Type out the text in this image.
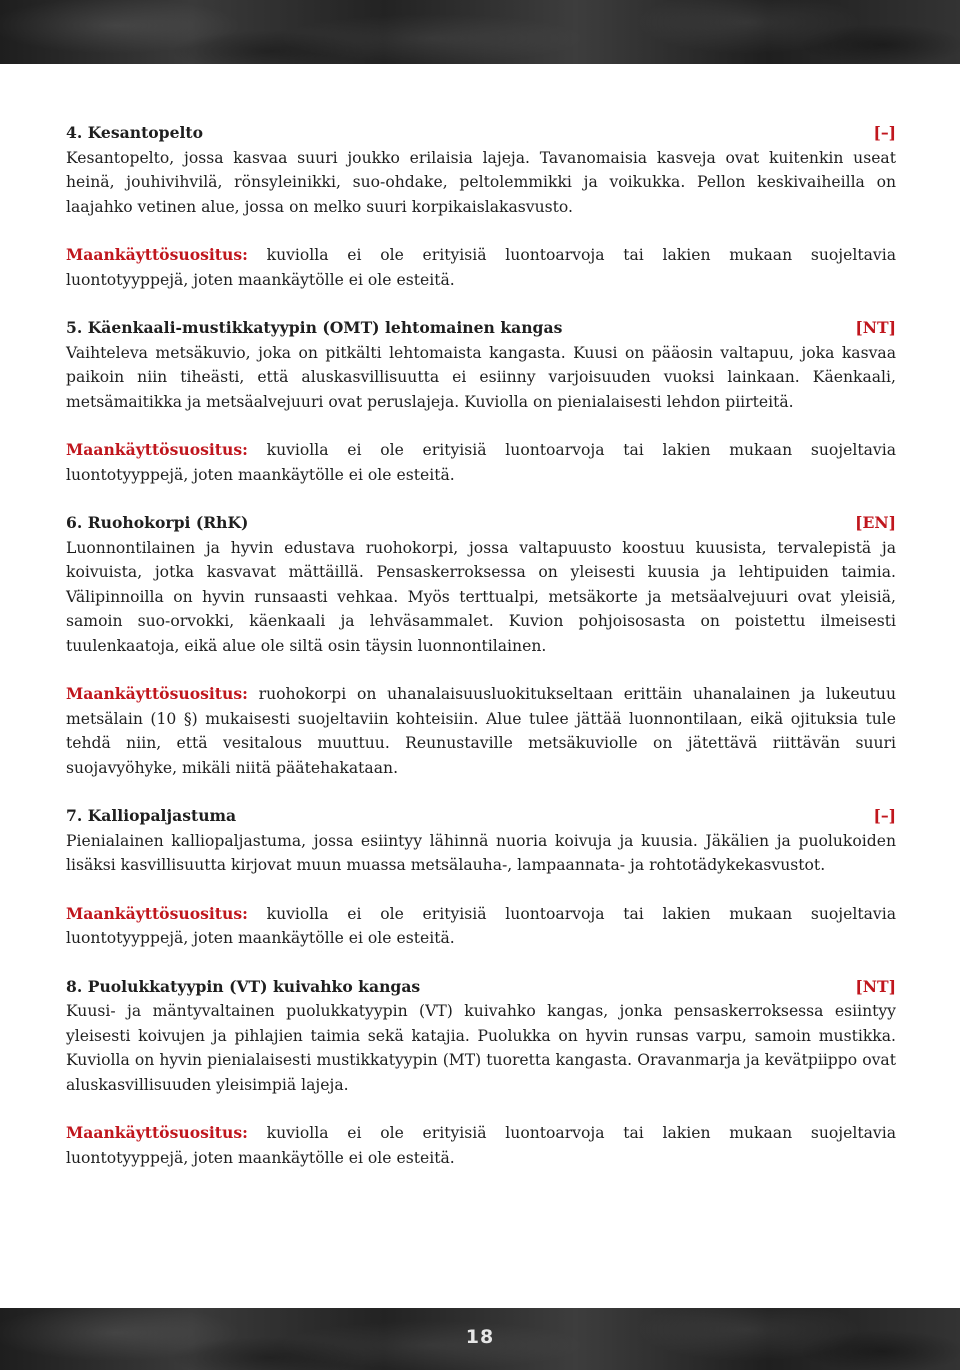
4. Kesantopelto	[–]

Kesantopelto, jossa kasvaa suuri joukko erilaisia lajeja. Tavanomaisia kasveja ovat kuitenkin useat heinä, jouhivihvilä, rönsyleinikki, suo-ohdake, peltolemmikki ja voikukka. Pellon keskivaiheilla on laajahko vetinen alue, jossa on melko suuri korpikaislakasvusto.

Maankäyttösuositus: kuviolla ei ole erityisiä luontoarvoja tai lakien mukaan suojeltavia luontotyyppejä, joten maankäytölle ei ole esteitä.

5. Käenkaali-mustikkatyypin (OMT) lehtomainen kangas	[NT]

Vaihteleva metsäkuvio, joka on pitkälti lehtomaista kangasta. Kuusi on pääosin valtapuu, joka kasvaa paikoin niin tiheästi, että aluskasvillisuutta ei esiinny varjoisuuden vuoksi lainkaan. Käenkaali, metsämaitikka ja metsäalvejuuri ovat peruslajeja. Kuviolla on pienialaisesti lehdon piirteitä.

Maankäyttösuositus: kuviolla ei ole erityisiä luontoarvoja tai lakien mukaan suojeltavia luontotyyppejä, joten maankäytölle ei ole esteitä.

6. Ruohokorpi (RhK)	[EN]

Luonnontilainen ja hyvin edustava ruohokorpi, jossa valtapuusto koostuu kuusista, tervalepistä ja koivuista, jotka kasvavat mättäillä. Pensaskerroksessa on yleisesti kuusia ja lehtipuiden taimia. Välipinnoilla on hyvin runsaasti vehkaa. Myös terttualpi, metsäkorte ja metsäalvejuuri ovat yleisiä, samoin suo-orvokki, käenkaali ja lehväsammalet. Kuvion pohjoisosasta on poistettu ilmeisesti tuulenkaatoja, eikä alue ole siltä osin täysin luonnontilainen.

Maankäyttösuositus: ruohokorpi on uhanalaisuusluokitukseltaan erittäin uhanalainen ja lukeutuu metsälain (10 §) mukaisesti suojeltaviin kohteisiin. Alue tulee jättää luonnontilaan, eikä ojituksia tule tehdä niin, että vesitalous muuttuu. Reunustaville metsäkuviolle on jätettävä riittävän suuri suojavyöhyke, mikäli niitä päätehakataan.

7. Kalliopaljastuma	[–]

Pienialainen kalliopaljastuma, jossa esiintyy lähinnä nuoria koivuja ja kuusia. Jäkälien ja puolukoiden lisäksi kasvillisuutta kirjovat muun muassa metsälauha-, lampaannata- ja rohtotädykekasvustot.

Maankäyttösuositus: kuviolla ei ole erityisiä luontoarvoja tai lakien mukaan suojeltavia luontotyyppejä, joten maankäytölle ei ole esteitä.

8. Puolukkatyypin (VT) kuivahko kangas	[NT]

Kuusi- ja mäntyvaltainen puolukkatyypin (VT) kuivahko kangas, jonka pensaskerroksessa esiintyy yleisesti koivujen ja pihlajien taimia sekä katajia. Puolukka on hyvin runsas varpu, samoin mustikka. Kuviolla on hyvin pienialaisesti mustikkatyypin (MT) tuoretta kangasta. Oravanmarja ja kevätpiippo ovat aluskasvillisuuden yleisimpiä lajeja.

Maankäyttösuositus: kuviolla ei ole erityisiä luontoarvoja tai lakien mukaan suojeltavia luontotyyppejä, joten maankäytölle ei ole esteitä.

18
